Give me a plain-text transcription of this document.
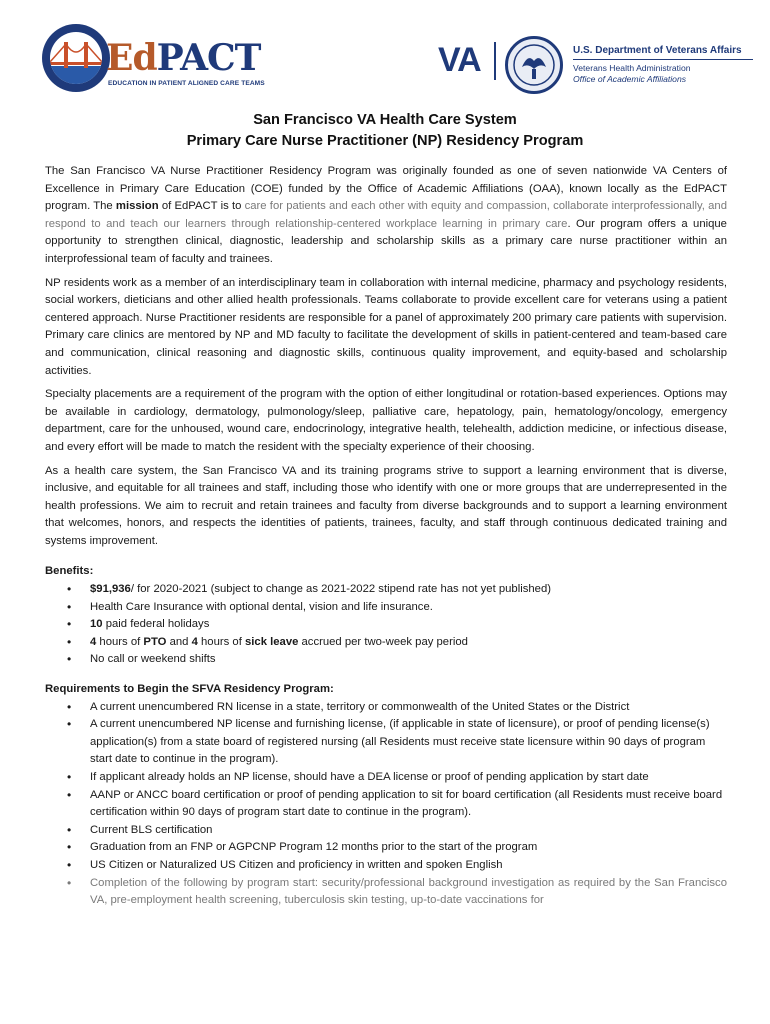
EdPACT
EDUCATION IN PATIENT ALIGNED CARE TEAMS
VA	U.S. Department of Veterans Affairs
Veterans Health Administration
Office of Academic Affiliations
San Francisco VA Health Care System
Primary Care Nurse Practitioner (NP) Residency Program

The San Francisco VA Nurse Practitioner Residency Program was originally founded as one of seven nationwide VA Centers of Excellence in Primary Care Education (COE) funded by the Office of Academic Affiliations (OAA), known locally as the EdPACT program. The mission of EdPACT is to care for patients and each other with equity and compassion, collaborate interprofessionally, and respond to and teach our learners through relationship-centered workplace learning in primary care. Our program offers a unique opportunity to strengthen clinical, diagnostic, leadership and scholarship skills as a primary care nurse practitioner within an interprofessional team of faculty and trainees.

NP residents work as a member of an interdisciplinary team in collaboration with internal medicine, pharmacy and psychology residents, social workers, dieticians and other allied health professionals. Teams collaborate to provide excellent care for veterans using a patient centered approach. Nurse Practitioner residents are responsible for a panel of approximately 200 primary care patients with supervision. Primary care clinics are mentored by NP and MD faculty to facilitate the development of skills in patient-centered and team-based care and communication, clinical reasoning and diagnostic skills, continuous quality improvement, and equity-based and scholarship activities.

Specialty placements are a requirement of the program with the option of either longitudinal or rotation-based experiences. Options may be available in cardiology, dermatology, pulmonology/sleep, palliative care, hepatology, pain, hematology/oncology, emergency department, care for the unhoused, wound care, endocrinology, integrative health, telehealth, addiction medicine, or infectious disease, and every effort will be made to match the resident with the specialty experience of their choosing.

As a health care system, the San Francisco VA and its training programs strive to support a learning environment that is diverse, inclusive, and equitable for all trainees and staff, including those who identify with one or more groups that are underrepresented in the health professions. We aim to recruit and retain trainees and faculty from diverse backgrounds and to support a learning environment that welcomes, honors, and respects the identities of patients, trainees, faculty, and staff through continuous dedicated training and systems improvement.

Benefits:
• $91,936/ for 2020-2021 (subject to change as 2021-2022 stipend rate has not yet published)
• Health Care Insurance with optional dental, vision and life insurance.
• 10 paid federal holidays
• 4 hours of PTO and 4 hours of sick leave accrued per two-week pay period
• No call or weekend shifts
Requirements to Begin the SFVA Residency Program:
• A current unencumbered RN license in a state, territory or commonwealth of the United States or the District
• A current unencumbered NP license and furnishing license, (if applicable in state of licensure), or proof of pending license(s) application(s) from a state board of registered nursing (all Residents must receive state licensure within 90 days of program start date to continue in the program).
• If applicant already holds an NP license, should have a DEA license or proof of pending application by start date
• AANP or ANCC board certification or proof of pending application to sit for board certification (all Residents must receive board certification within 90 days of program start date to continue in the program).
• Current BLS certification
• Graduation from an FNP or AGPCNP Program 12 months prior to the start of the program
• US Citizen or Naturalized US Citizen and proficiency in written and spoken English
• Completion of the following by program start: security/professional background investigation as required by the San Francisco VA, pre-employment health screening, tuberculosis skin testing, up-to-date vaccinations for
